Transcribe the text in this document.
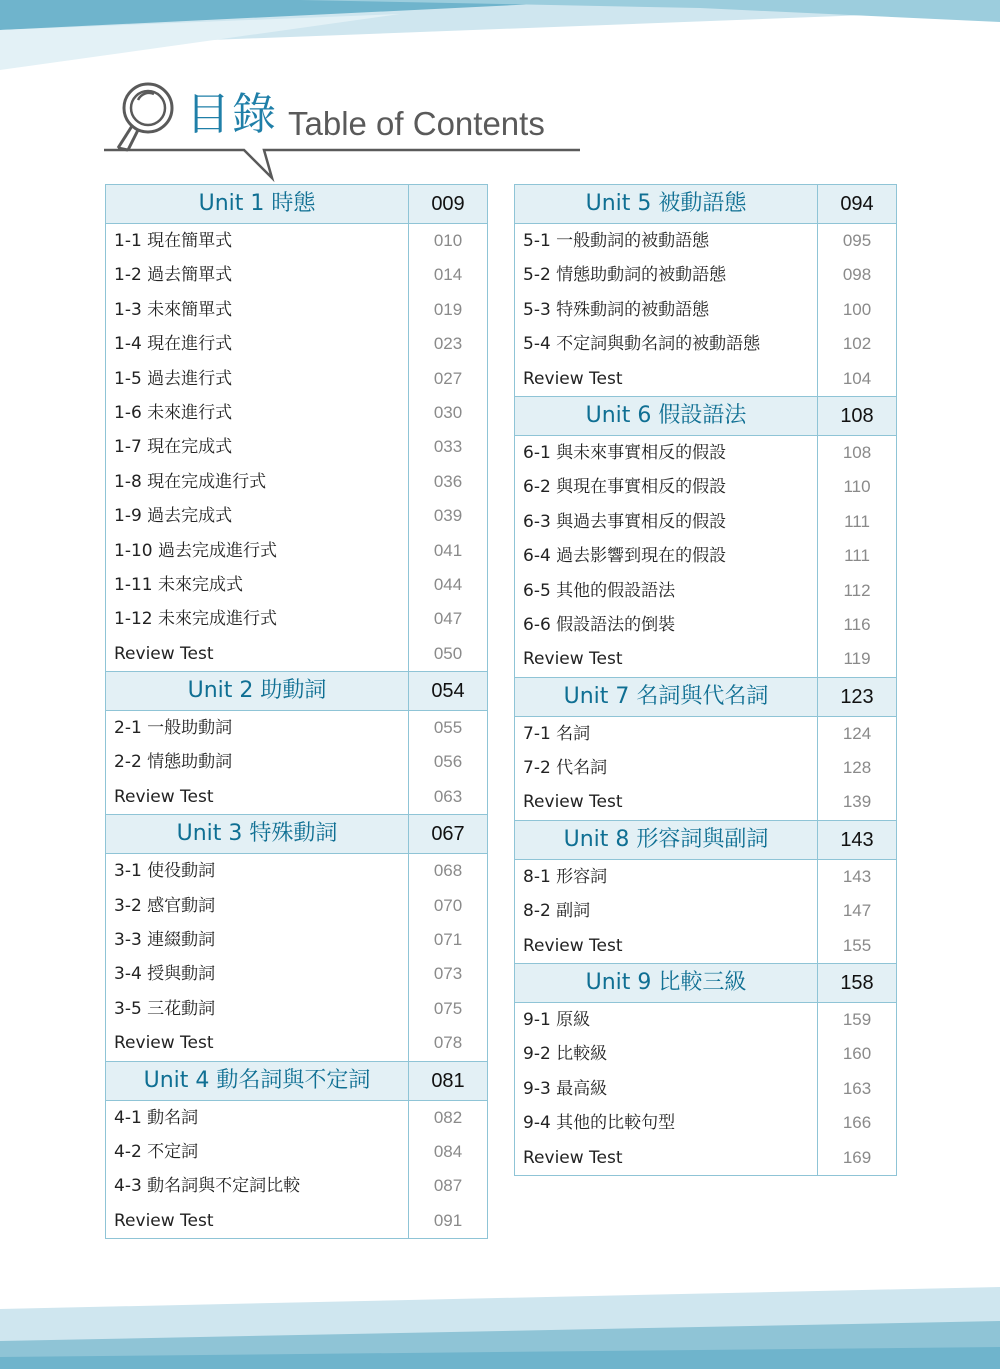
目錄 Table of Contents
Unit 1 時態	009
1-1 現在簡單式	010
1-2 過去簡單式	014
1-3 未來簡單式	019
1-4 現在進行式	023
1-5 過去進行式	027
1-6 未來進行式	030
1-7 現在完成式	033
1-8 現在完成進行式	036
1-9 過去完成式	039
1-10 過去完成進行式	041
1-11 未來完成式	044
1-12 未來完成進行式	047
Review Test	050
Unit 2 助動詞	054
2-1 一般助動詞	055
2-2 情態助動詞	056
Review Test	063
Unit 3 特殊動詞	067
3-1 使役動詞	068
3-2 感官動詞	070
3-3 連綴動詞	071
3-4 授與動詞	073
3-5 三花動詞	075
Review Test	078
Unit 4 動名詞與不定詞	081
4-1 動名詞	082
4-2 不定詞	084
4-3 動名詞與不定詞比較	087
Review Test	091
Unit 5 被動語態	094
5-1 一般動詞的被動語態	095
5-2 情態助動詞的被動語態	098
5-3 特殊動詞的被動語態	100
5-4 不定詞與動名詞的被動語態	102
Review Test	104
Unit 6 假設語法	108
6-1 與未來事實相反的假設	108
6-2 與現在事實相反的假設	110
6-3 與過去事實相反的假設	111
6-4 過去影響到現在的假設	111
6-5 其他的假設語法	112
6-6 假設語法的倒裝	116
Review Test	119
Unit 7 名詞與代名詞	123
7-1 名詞	124
7-2 代名詞	128
Review Test	139
Unit 8 形容詞與副詞	143
8-1 形容詞	143
8-2 副詞	147
Review Test	155
Unit 9 比較三級	158
9-1 原級	159
9-2 比較級	160
9-3 最高級	163
9-4 其他的比較句型	166
Review Test	169
